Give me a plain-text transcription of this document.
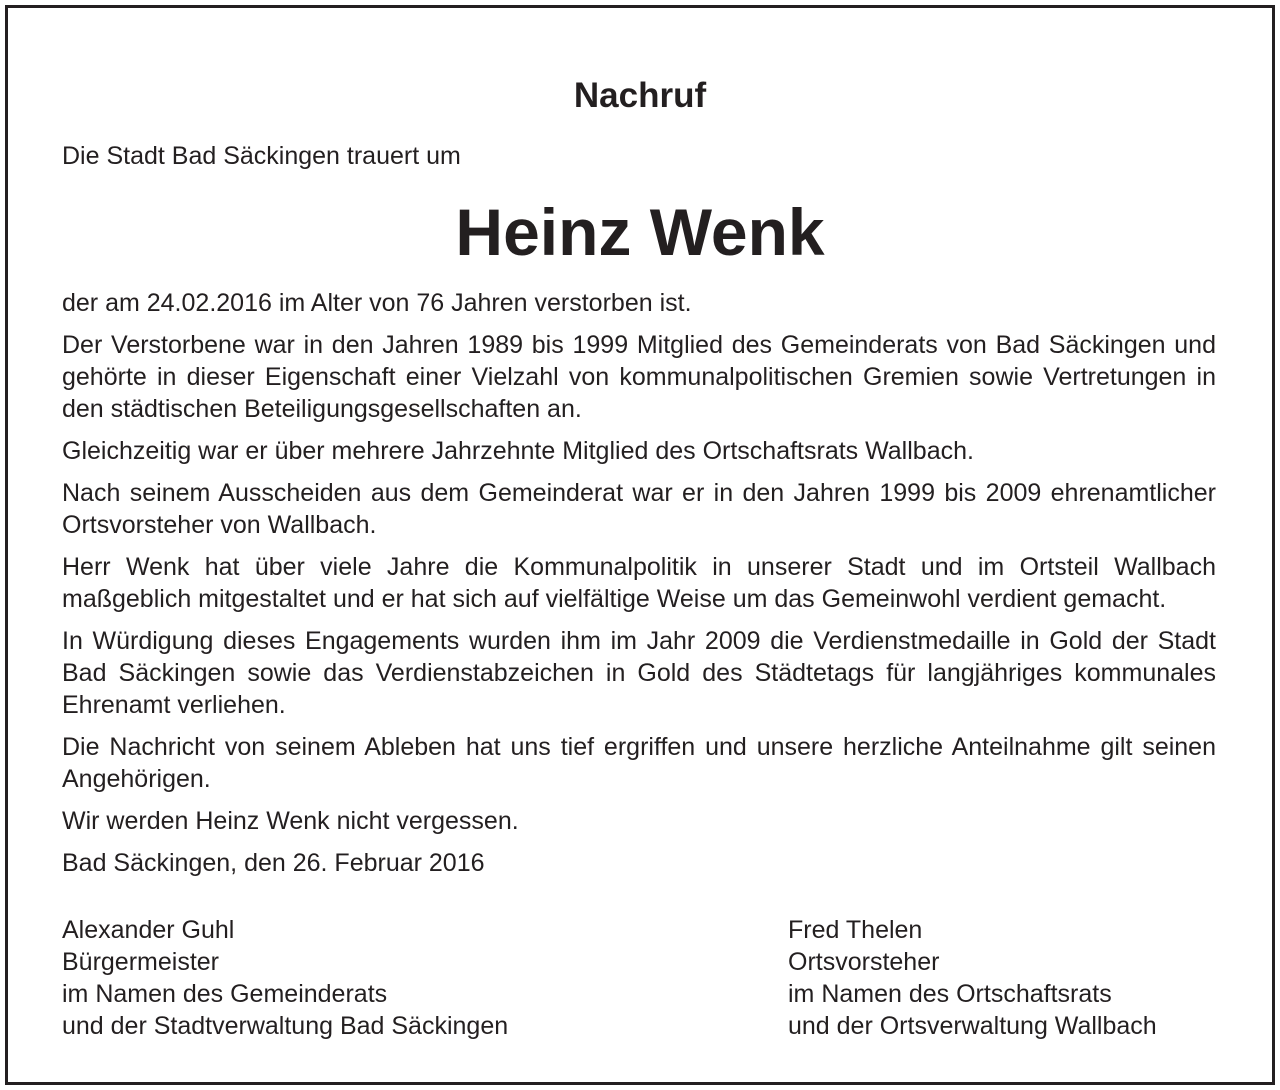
Nachruf

Die Stadt Bad Säckingen trauert um

Heinz Wenk

der am 24.02.2016 im Alter von 76 Jahren verstorben ist.

Der Verstorbene war in den Jahren 1989 bis 1999 Mitglied des Gemeinderats von Bad Säckingen und gehörte in dieser Eigenschaft einer Vielzahl von kommunalpolitischen Gremien sowie Vertretungen in den städtischen Beteiligungsgesellschaften an.

Gleichzeitig war er über mehrere Jahrzehnte Mitglied des Ortschaftsrats Wallbach.

Nach seinem Ausscheiden aus dem Gemeinderat war er in den Jahren 1999 bis 2009 ehrenamtlicher Ortsvorsteher von Wallbach.

Herr Wenk hat über viele Jahre die Kommunalpolitik in unserer Stadt und im Ortsteil Wallbach maßgeblich mitgestaltet und er hat sich auf vielfältige Weise um das Gemeinwohl verdient gemacht.

In Würdigung dieses Engagements wurden ihm im Jahr 2009 die Verdienstmedaille in Gold der Stadt Bad Säckingen sowie das Verdienstabzeichen in Gold des Städtetags für langjähriges kommunales Ehrenamt verliehen.

Die Nachricht von seinem Ableben hat uns tief ergriffen und unsere herzliche Anteilnahme gilt seinen Angehörigen.

Wir werden Heinz Wenk nicht vergessen.

Bad Säckingen, den 26. Februar 2016

Alexander Guhl
Bürgermeister
im Namen des Gemeinderats
und der Stadtverwaltung Bad Säckingen
Fred Thelen
Ortsvorsteher
im Namen des Ortschaftsrats
und der Ortsverwaltung Wallbach
